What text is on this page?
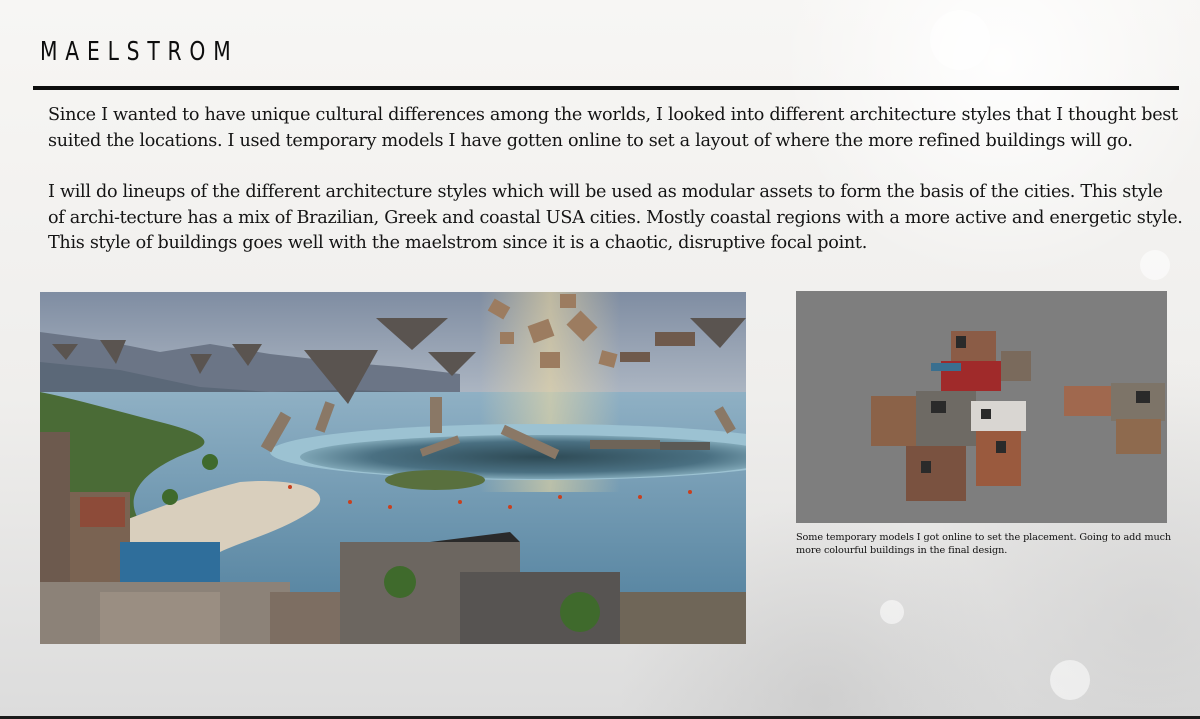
MAELSTROM

Since I wanted to have unique cultural differences among the worlds, I looked into different architecture styles that I thought best suited the locations. I used temporary models I have gotten online to set a layout of where the more refined buildings will go.

I will do lineups of the different architecture styles which will be used as modular assets to form the basis of the cities. This style of archi-tecture has a mix of Brazilian, Greek and coastal USA cities. Mostly coastal regions with a more active and energetic style. This style of buildings goes well with the maelstrom since it is a chaotic, disruptive focal point.

Some temporary models I got online to set the placement. Going to add much more colourful buildings in the final design.
